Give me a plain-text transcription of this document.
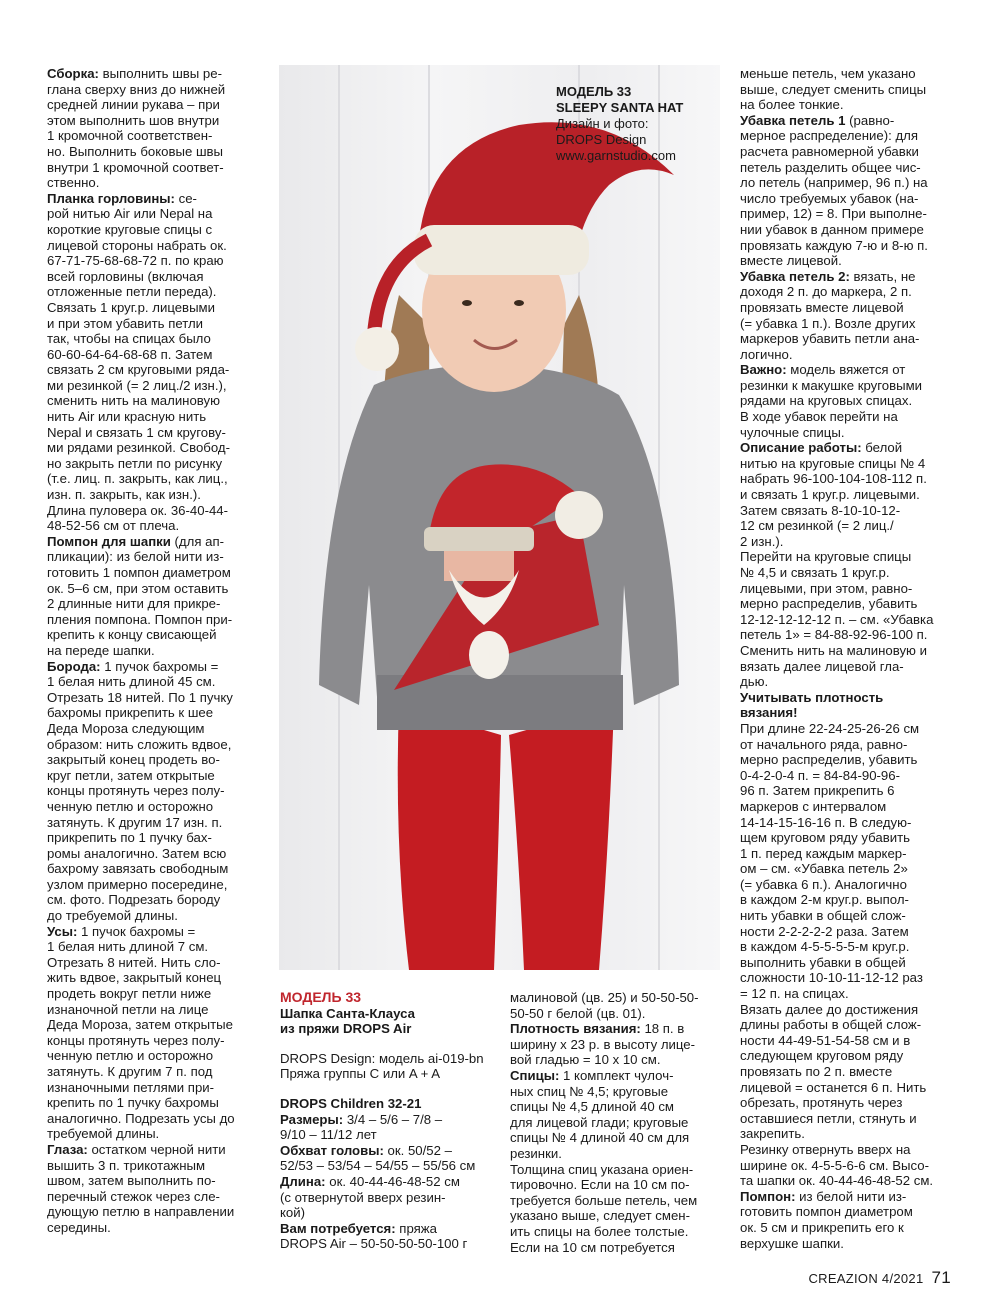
Сборка: выполнить швы ре-
глана сверху вниз до нижней
средней линии рукава – при
этом выполнить шов внутри
1 кромочной соответствен-
но. Выполнить боковые швы
внутри 1 кромочной соответ-
ственно.

Планка горловины: се-
рой нитью Air или Nepal на
короткие круговые спицы с
лицевой стороны набрать ок.
67-71-75-68-68-72 п. по краю
всей горловины (включая
отложенные петли переда).
Связать 1 круг.р. лицевыми
и при этом убавить петли
так, чтобы на спицах было
60-60-64-64-68-68 п. Затем
связать 2 см круговыми ряда-
ми резинкой (= 2 лиц./2 изн.),
сменить нить на малиновую
нить Air или красную нить
Nepal и связать 1 см кругову-
ми рядами резинкой. Свобод-
но закрыть петли по рисунку
(т.е. лиц. п. закрыть, как лиц.,
изн. п. закрыть, как изн.).
Длина пуловера ок. 36-40-44-
48-52-56 см от плеча.

Помпон для шапки (для ап-
пликации): из белой нити из-
готовить 1 помпон диаметром
ок. 5–6 см, при этом оставить
2 длинные нити для прикре-
пления помпона. Помпон при-
крепить к концу свисающей
на переде шапки.

Борода: 1 пучок бахромы =
1 белая нить длиной 45 см.
Отрезать 18 нитей. По 1 пучку
бахромы прикрепить к шее
Деда Мороза следующим
образом: нить сложить вдвое,
закрытый конец продеть во-
круг петли, затем открытые
концы протянуть через полу-
ченную петлю и осторожно
затянуть. К другим 17 изн. п.
прикрепить по 1 пучку бах-
ромы аналогично. Затем всю
бахрому завязать свободным
узлом примерно посередине,
см. фото. Подрезать бороду
до требуемой длины.

Усы: 1 пучок бахромы =
1 белая нить длиной 7 см.
Отрезать 8 нитей. Нить сло-
жить вдвое, закрытый конец
продеть вокруг петли ниже
изнаночной петли на лице
Деда Мороза, затем открытые
концы протянуть через полу-
ченную петлю и осторожно
затянуть. К другим 7 п. под
изнаночными петлями при-
крепить по 1 пучку бахромы
аналогично. Подрезать усы до
требуемой длины.

Глаза: остатком черной нити
вышить 3 п. трикотажным
швом, затем выполнить по-
перечный стежок через сле-
дующую петлю в направлении
середины.

МОДЕЛЬ 33
SLEEPY SANTA HAT
Дизайн и фото:
DROPS Design
www.garnstudio.com
МОДЕЛЬ 33
Шапка Санта-Клауса
из пряжи DROPS Air
DROPS Design: модель ai-019-bn
Пряжа группы C или A + A
DROPS Children 32-21

Размеры: 3/4 – 5/6 – 7/8 –
9/10 – 11/12 лет

Обхват головы: ок. 50/52 –
52/53 – 53/54 – 54/55 – 55/56 см

Длина: ок. 40-44-46-48-52 см
(с отвернутой вверх резин-
кой)

Вам потребуется: пряжа
DROPS Air – 50-50-50-50-100 г

малиновой (цв. 25) и 50-50-50-
50-50 г белой (цв. 01).

Плотность вязания: 18 п. в
ширину х 23 р. в высоту лице-
вой гладью = 10 х 10 см.

Спицы: 1 комплект чулоч-
ных спиц № 4,5; круговые
спицы № 4,5 длиной 40 см
для лицевой глади; круговые
спицы № 4 длиной 40 см для
резинки.

Толщина спиц указана ориен-
тировочно. Если на 10 см по-
требуется больше петель, чем
указано выше, следует смен-
ить спицы на более толстые.
Если на 10 см потребуется

меньше петель, чем указано
выше, следует сменить спицы
на более тонкие.

Убавка петель 1 (равно-
мерное распределение): для
расчета равномерной убавки
петель разделить общее чис-
ло петель (например, 96 п.) на
число требуемых убавок (на-
пример, 12) = 8. При выполне-
нии убавок в данном примере
провязать каждую 7-ю и 8-ю п.
вместе лицевой.

Убавка петель 2: вязать, не
доходя 2 п. до маркера, 2 п.
провязать вместе лицевой
(= убавка 1 п.). Возле других
маркеров убавить петли ана-
логично.

Важно: модель вяжется от
резинки к макушке круговыми
рядами на круговых спицах.
В ходе убавок перейти на
чулочные спицы.

Описание работы: белой
нитью на круговые спицы № 4
набрать 96-100-104-108-112 п.
и связать 1 круг.р. лицевыми.
Затем связать 8-10-10-12-
12 см резинкой (= 2 лиц./
2 изн.).

Перейти на круговые спицы
№ 4,5 и связать 1 круг.р.
лицевыми, при этом, равно-
мерно распределив, убавить
12-12-12-12-12 п. – см. «Убавка
петель 1» = 84-88-92-96-100 п.
Сменить нить на малиновую и
вязать далее лицевой гла-
дью.

Учитывать плотность
вязания!

При длине 22-24-25-26-26 см
от начального ряда, равно-
мерно распределив, убавить
0-4-2-0-4 п. = 84-84-90-96-
96 п. Затем прикрепить 6
маркеров с интервалом
14-14-15-16-16 п. В следую-
щем круговом ряду убавить
1 п. перед каждым маркер-
ом – см. «Убавка петель 2»
(= убавка 6 п.). Аналогично
в каждом 2-м круг.р. выпол-
нить убавки в общей слож-
ности 2-2-2-2-2 раза. Затем
в каждом 4-5-5-5-5-м круг.р.
выполнить убавки в общей
сложности 10-10-11-12-12 раз
= 12 п. на спицах.

Вязать далее до достижения
длины работы в общей слож-
ности 44-49-51-54-58 см и в
следующем круговом ряду
провязать по 2 п. вместе
лицевой = останется 6 п. Нить
обрезать, протянуть через
оставшиеся петли, стянуть и
закрепить.

Резинку отвернуть вверх на
ширине ок. 4-5-5-6-6 см. Высо-
та шапки ок. 40-44-46-48-52 см.

Помпон: из белой нити из-
готовить помпон диаметром
ок. 5 см и прикрепить его к
верхушке шапки.

CREAZION 4/2021 71
